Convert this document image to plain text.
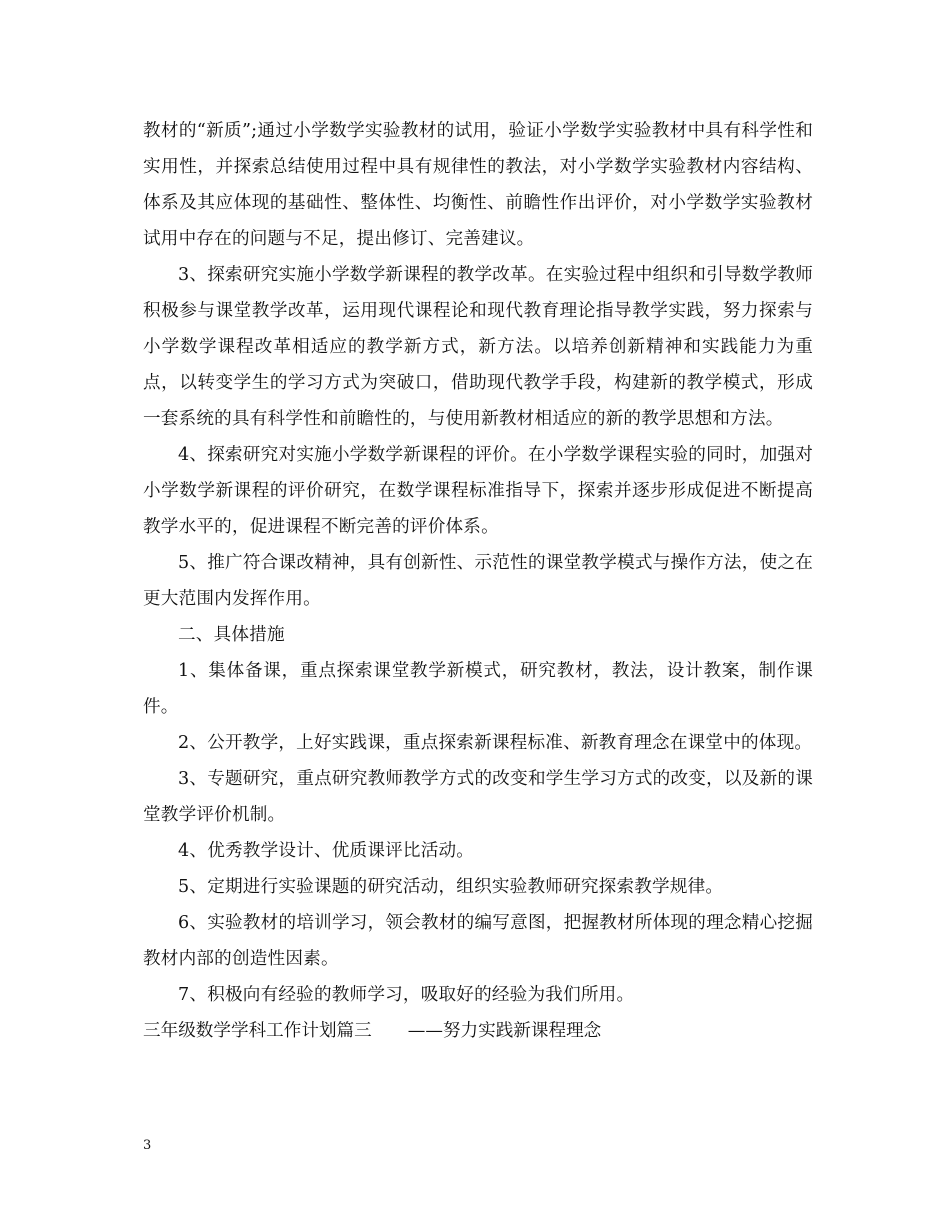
教材的“新质”;通过小学数学实验教材的试用，验证小学数学实验教材中具有科学性和实用性，并探索总结使用过程中具有规律性的教法，对小学数学实验教材内容结构、体系及其应体现的基础性、整体性、均衡性、前瞻性作出评价，对小学数学实验教材试用中存在的问题与不足，提出修订、完善建议。

3、探索研究实施小学数学新课程的教学改革。在实验过程中组织和引导数学教师积极参与课堂教学改革，运用现代课程论和现代教育理论指导教学实践，努力探索与小学数学课程改革相适应的教学新方式，新方法。以培养创新精神和实践能力为重点，以转变学生的学习方式为突破口，借助现代教学手段，构建新的教学模式，形成一套系统的具有科学性和前瞻性的，与使用新教材相适应的新的教学思想和方法。

4、探索研究对实施小学数学新课程的评价。在小学数学课程实验的同时，加强对小学数学新课程的评价研究，在数学课程标准指导下，探索并逐步形成促进不断提高教学水平的，促进课程不断完善的评价体系。

5、推广符合课改精神，具有创新性、示范性的课堂教学模式与操作方法，使之在更大范围内发挥作用。

二、具体措施

1、集体备课，重点探索课堂教学新模式，研究教材，教法，设计教案，制作课件。

2、公开教学，上好实践课，重点探索新课程标准、新教育理念在课堂中的体现。

3、专题研究，重点研究教师教学方式的改变和学生学习方式的改变，以及新的课堂教学评价机制。

4、优秀教学设计、优质课评比活动。

5、定期进行实验课题的研究活动，组织实验教师研究探索教学规律。

6、实验教材的培训学习，领会教材的编写意图，把握教材所体现的理念精心挖掘教材内部的创造性因素。

7、积极向有经验的教师学习，吸取好的经验为我们所用。

三年级数学学科工作计划篇三 ——努力实践新课程理念

3
